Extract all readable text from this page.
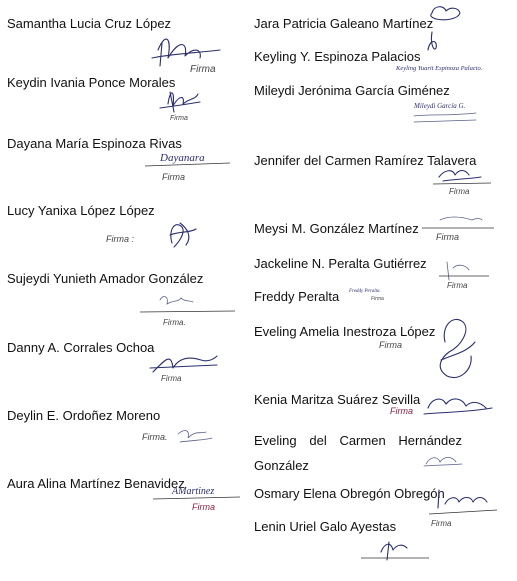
Samantha Lucia Cruz López
Firma
Keydin Ivania Ponce Morales
Firma
Dayana María Espinoza Rivas
Dayanara
Firma
Lucy Yanixa López López
Firma :
Sujeydi Yunieth Amador González
Firma.
Danny A. Corrales Ochoa
Firma
Deylin E. Ordoñez Moreno
Firma.
Aura Alina Martínez Benavidez
AMartinez
Firma
Jara Patricia Galeano Martínez
Keyling Y. Espinoza Palacios
Keyling Yuarit Espinoza Palacio.
Mileydi Jerónima García Giménez
Mileydi García G.
Jennifer del Carmen Ramírez Talavera
Firma
Meysi M. González Martínez
Firma
Jackeline N. Peralta Gutiérrez
Firma
Freddy Peralta Freddy Peralta.
Firma
Eveling Amelia Inestroza López
Firma
Kenia Maritza Suárez Sevilla
Firma
Eveling del Carmen Hernández González
Osmary Elena Obregón Obregón
Firma
Lenin Uriel Galo Ayestas
